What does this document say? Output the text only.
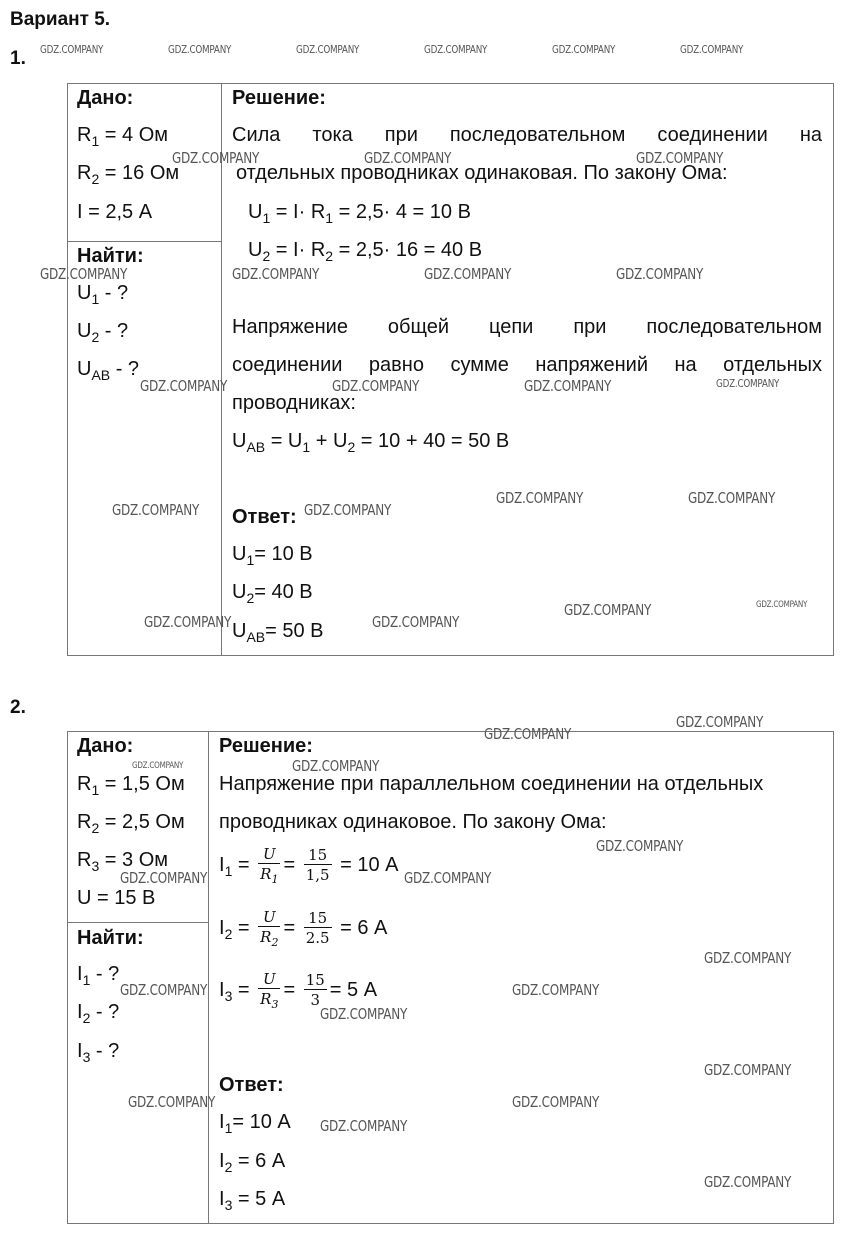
Вариант 5.
1.
Дано:
$R_1 = 4$ Ом
$R_2 = 16$ Ом
I = 2,5 А
Найти:
$U_1$ - ?
$U_2$ - ?
$U_{AB}$ - ?
Решение:
Сила тока при последовательном соединении на
отдельных проводниках одинаковая. По закону Ома:
$U_1 = I\cdot R_1 = 2,5\cdot 4 = 10$ В
$U_2 = I\cdot R_2 = 2,5\cdot 16 = 40$ В
Напряжение общей цепи при последовательном
соединении равно сумме напряжений на отдельных
проводниках:
$U_{AB} = U_1 + U_2 = 10 + 40 = 50$ В
Ответ:
$U_1= 10$ В
$U_2= 40$ В
$U_{AB}= 50$ В
2.
Дано:
$R_1 = 1,5$ Ом
$R_2 = 2,5$ Ом
$R_3 = 3$ Ом
U = 15 В
Найти:
$I_1$ - ?
$I_2$ - ?
$I_3$ - ?
Решение:
Напряжение при параллельном соединении на отдельных
проводниках одинаковое. По закону Ома:
$I_1 = \frac{U}{R_1} = \frac{15}{1,5} = 10$ А
$I_2 = \frac{U}{R_2} = \frac{15}{2.5} = 6$ А
$I_3 = \frac{U}{R_3} = \frac{15}{3} = 5$ А
Ответ:
$I_1= 10$ А
$I_2 = 6$ А
$I_3 = 5$ А
GDZ.COMPANY	GDZ.COMPANY	GDZ.COMPANY	GDZ.COMPANY	GDZ.COMPANY	GDZ.COMPANY
GDZ.COMPANY	GDZ.COMPANY	GDZ.COMPANY
GDZ.COMPANY	GDZ.COMPANY	GDZ.COMPANY	GDZ.COMPANY
GDZ.COMPANY	GDZ.COMPANY	GDZ.COMPANY	GDZ.COMPANY
GDZ.COMPANY	GDZ.COMPANY
GDZ.COMPANY	GDZ.COMPANY
GDZ.COMPANY	GDZ.COMPANY
GDZ.COMPANY	GDZ.COMPANY
GDZ.COMPANY
GDZ.COMPANY
GDZ.COMPANY
GDZ.COMPANY
GDZ.COMPANY
GDZ.COMPANY	GDZ.COMPANY
GDZ.COMPANY
GDZ.COMPANY	GDZ.COMPANY
GDZ.COMPANY
GDZ.COMPANY
GDZ.COMPANY	GDZ.COMPANY
GDZ.COMPANY
GDZ.COMPANY
